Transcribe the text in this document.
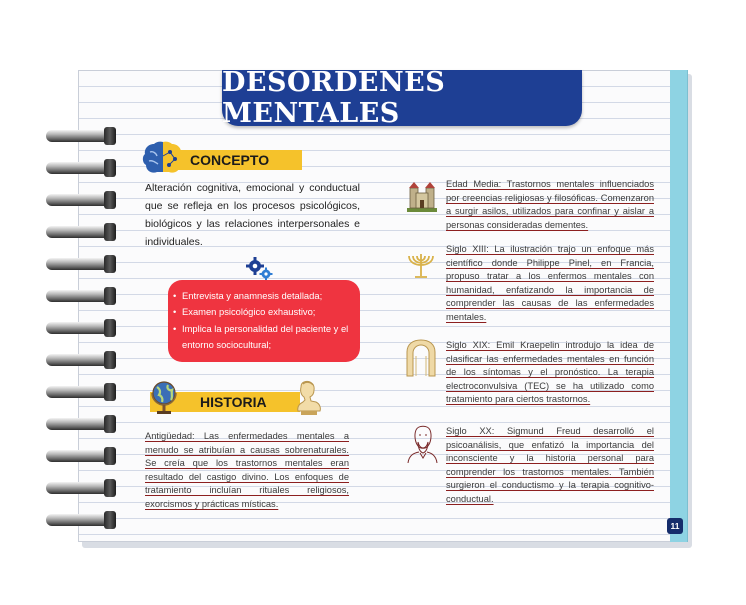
DESORDENES MENTALES
CONCEPTO
Alteración cognitiva, emocional y conductual que se refleja en los procesos psicológicos, biológicos y las relaciones interpersonales e individuales.
• Entrevista y anamnesis detallada;
• Examen psicológico exhaustivo;
• Implica la personalidad del paciente y el entorno sociocultural;
HISTORIA
Antigüedad: Las enfermedades mentales a menudo se atribuían a causas sobrenaturales. Se creía que los trastornos mentales eran resultado del castigo divino. Los enfoques de tratamiento incluían rituales religiosos, exorcismos y prácticas místicas.
Edad Media: Trastornos mentales influenciados por creencias religiosas y filosóficas. Comenzaron a surgir asilos, utilizados para confinar y aislar a personas consideradas dementes.
Siglo XIII: La ilustración trajo un enfoque más científico donde Philippe Pinel, en Francia, propuso tratar a los enfermos mentales con humanidad, enfatizando la importancia de comprender las causas de las enfermedades mentales.
Siglo XIX: Emil Kraepelin introdujo la idea de clasificar las enfermedades mentales en función de los síntomas y el pronóstico. La terapia electroconvulsiva (TEC) se ha utilizado como tratamiento para ciertos trastornos.
Siglo XX: Sigmund Freud desarrolló el psicoanálisis, que enfatizó la importancia del inconsciente y la historia personal para comprender los trastornos mentales. También surgieron el conductismo y la terapia cognitivo-conductual.
11
